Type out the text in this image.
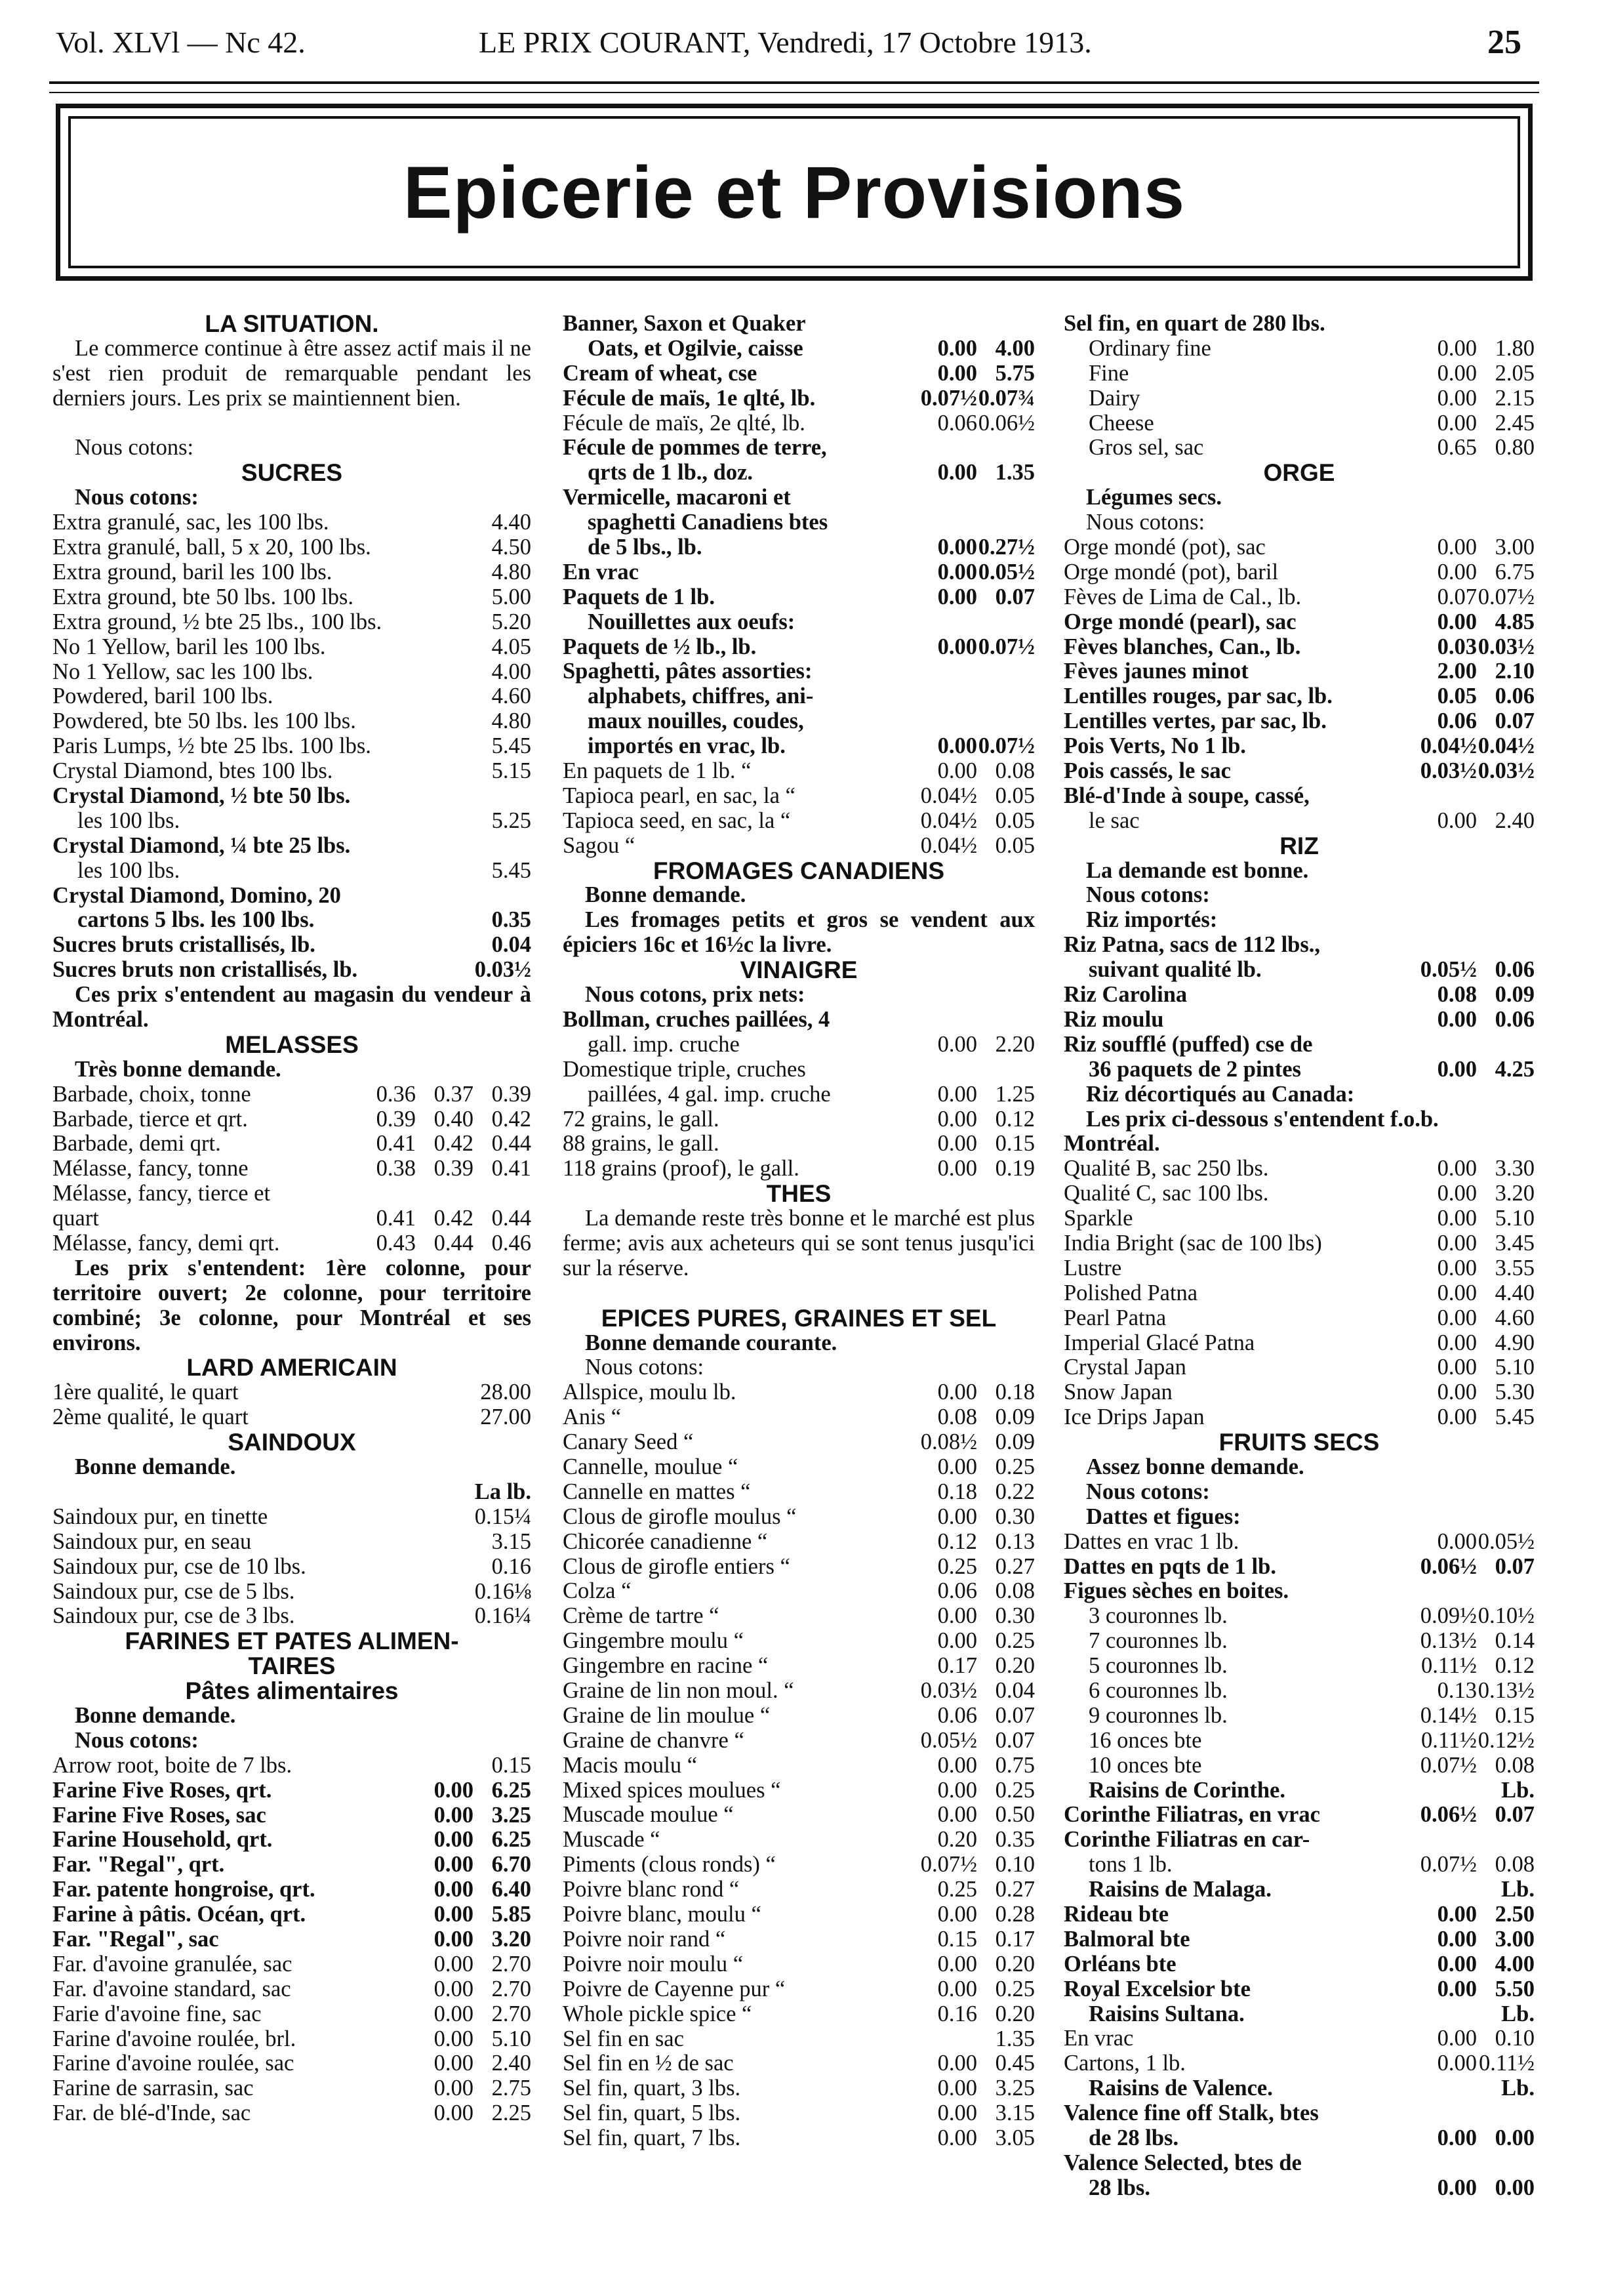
Vol. XLVl — Nc 42.	LE PRIX COURANT, Vendredi, 17 Octobre 1913.	25
Epicerie et Provisions
LA SITUATION.
Le commerce continue à être assez actif mais il ne s'est rien produit de remarquable pendant les derniers jours. Les prix se maintiennent bien.
Nous cotons:
SUCRES
Nous cotons:
Extra granulé, sac, les 100 lbs.	4.40
Extra granulé, ball, 5 x 20, 100 lbs.	4.50
Extra ground, baril les 100 lbs.	4.80
Extra ground, bte 50 lbs. 100 lbs.	5.00
Extra ground, ½ bte 25 lbs., 100 lbs.	5.20
No 1 Yellow, baril les 100 lbs.	4.05
No 1 Yellow, sac les 100 lbs.	4.00
Powdered, baril 100 lbs.	4.60
Powdered, bte 50 lbs. les 100 lbs.	4.80
Paris Lumps, ½ bte 25 lbs. 100 lbs.	5.45
Crystal Diamond, btes 100 lbs.	5.15
Crystal Diamond, ½ bte 50 lbs.
les 100 lbs.	5.25
Crystal Diamond, ¼ bte 25 lbs.
les 100 lbs.	5.45
Crystal Diamond, Domino, 20
cartons 5 lbs. les 100 lbs.	0.35
Sucres bruts cristallisés, lb.	0.04
Sucres bruts non cristallisés, lb.	0.03½
Ces prix s'entendent au magasin du vendeur à Montréal.
MELASSES
Très bonne demande.
Barbade, choix, tonne	0.36 0.37 0.39
Barbade, tierce et qrt.	0.39 0.40 0.42
Barbade, demi qrt.	0.41 0.42 0.44
Mélasse, fancy, tonne	0.38 0.39 0.41
Mélasse, fancy, tierce et
quart	0.41 0.42 0.44
Mélasse, fancy, demi qrt.	0.43 0.44 0.46
Les prix s'entendent: 1ère colonne, pour territoire ouvert; 2e colonne, pour territoire combiné; 3e colonne, pour Montréal et ses environs.
LARD AMERICAIN
1ère qualité, le quart	28.00
2ème qualité, le quart	27.00
SAINDOUX
Bonne demande.
La lb.
Saindoux pur, en tinette	0.15¼
Saindoux pur, en seau	3.15
Saindoux pur, cse de 10 lbs.	0.16
Saindoux pur, cse de 5 lbs.	0.16⅛
Saindoux pur, cse de 3 lbs.	0.16¼
FARINES ET PATES ALIMEN-
TAIRES
Pâtes alimentaires
Bonne demande.
Nous cotons:
Arrow root, boite de 7 lbs.	0.15
Farine Five Roses, qrt.	0.00 6.25
Farine Five Roses, sac	0.00 3.25
Farine Household, qrt.	0.00 6.25
Far. "Regal", qrt.	0.00 6.70
Far. patente hongroise, qrt.	0.00 6.40
Farine à pâtis. Océan, qrt.	0.00 5.85
Far. "Regal", sac	0.00 3.20
Far. d'avoine granulée, sac	0.00 2.70
Far. d'avoine standard, sac	0.00 2.70
Farie d'avoine fine, sac	0.00 2.70
Farine d'avoine roulée, brl.	0.00 5.10
Farine d'avoine roulée, sac	0.00 2.40
Farine de sarrasin, sac	0.00 2.75
Far. de blé-d'Inde, sac	0.00 2.25
Banner, Saxon et Quaker
Oats, et Ogilvie, caisse	0.00 4.00
Cream of wheat, cse	0.00 5.75
Fécule de maïs, 1e qlté, lb.	0.07½ 0.07¾
Fécule de maïs, 2e qlté, lb.	0.06 0.06½
Fécule de pommes de terre,
qrts de 1 lb., doz.	0.00 1.35
Vermicelle, macaroni et
spaghetti Canadiens btes
de 5 lbs., lb.	0.00 0.27½
En vrac	0.00 0.05½
Paquets de 1 lb.	0.00 0.07
Nouillettes aux oeufs:
Paquets de ½ lb., lb.	0.00 0.07½
Spaghetti, pâtes assorties:
alphabets, chiffres, ani-
maux nouilles, coudes,
importés en vrac, lb.	0.00 0.07½
En paquets de 1 lb. “	0.00 0.08
Tapioca pearl, en sac, la “	0.04½ 0.05
Tapioca seed, en sac, la “	0.04½ 0.05
Sagou “	0.04½ 0.05
FROMAGES CANADIENS
Bonne demande.
Les fromages petits et gros se vendent aux épiciers 16c et 16½c la livre.
VINAIGRE
Nous cotons, prix nets:
Bollman, cruches paillées, 4
gall. imp. cruche	0.00 2.20
Domestique triple, cruches
paillées, 4 gal. imp. cruche	0.00 1.25
72 grains, le gall.	0.00 0.12
88 grains, le gall.	0.00 0.15
118 grains (proof), le gall.	0.00 0.19
THES
La demande reste très bonne et le marché est plus ferme; avis aux acheteurs qui se sont tenus jusqu'ici sur la réserve.
EPICES PURES, GRAINES ET SEL
Bonne demande courante.
Nous cotons:
Allspice, moulu lb.	0.00 0.18
Anis “	0.08 0.09
Canary Seed “	0.08½ 0.09
Cannelle, moulue “	0.00 0.25
Cannelle en mattes “	0.18 0.22
Clous de girofle moulus “	0.00 0.30
Chicorée canadienne “	0.12 0.13
Clous de girofle entiers “	0.25 0.27
Colza “	0.06 0.08
Crème de tartre “	0.00 0.30
Gingembre moulu “	0.00 0.25
Gingembre en racine “	0.17 0.20
Graine de lin non moul. “	0.03½ 0.04
Graine de lin moulue “	0.06 0.07
Graine de chanvre “	0.05½ 0.07
Macis moulu “	0.00 0.75
Mixed spices moulues “	0.00 0.25
Muscade moulue “	0.00 0.50
Muscade “	0.20 0.35
Piments (clous ronds) “	0.07½ 0.10
Poivre blanc rond “	0.25 0.27
Poivre blanc, moulu “	0.00 0.28
Poivre noir rand “	0.15 0.17
Poivre noir moulu “	0.00 0.20
Poivre de Cayenne pur “	0.00 0.25
Whole pickle spice “	0.16 0.20
Sel fin en sac	1.35
Sel fin en ½ de sac	0.00 0.45
Sel fin, quart, 3 lbs.	0.00 3.25
Sel fin, quart, 5 lbs.	0.00 3.15
Sel fin, quart, 7 lbs.	0.00 3.05
Sel fin, en quart de 280 lbs.
Ordinary fine	0.00 1.80
Fine	0.00 2.05
Dairy	0.00 2.15
Cheese	0.00 2.45
Gros sel, sac	0.65 0.80
ORGE
Légumes secs.
Nous cotons:
Orge mondé (pot), sac	0.00 3.00
Orge mondé (pot), baril	0.00 6.75
Fèves de Lima de Cal., lb.	0.07 0.07½
Orge mondé (pearl), sac	0.00 4.85
Fèves blanches, Can., lb.	0.03 0.03½
Fèves jaunes minot	2.00 2.10
Lentilles rouges, par sac, lb.	0.05 0.06
Lentilles vertes, par sac, lb.	0.06 0.07
Pois Verts, No 1 lb.	0.04½ 0.04½
Pois cassés, le sac	0.03½ 0.03½
Blé-d'Inde à soupe, cassé,
le sac	0.00 2.40
RIZ
La demande est bonne.
Nous cotons:
Riz importés:
Riz Patna, sacs de 112 lbs.,
suivant qualité lb.	0.05½ 0.06
Riz Carolina	0.08 0.09
Riz moulu	0.00 0.06
Riz soufflé (puffed) cse de
36 paquets de 2 pintes	0.00 4.25
Riz décortiqués au Canada:
Les prix ci-dessous s'entendent f.o.b.
Montréal.
Qualité B, sac 250 lbs.	0.00 3.30
Qualité C, sac 100 lbs.	0.00 3.20
Sparkle	0.00 5.10
India Bright (sac de 100 lbs)	0.00 3.45
Lustre	0.00 3.55
Polished Patna	0.00 4.40
Pearl Patna	0.00 4.60
Imperial Glacé Patna	0.00 4.90
Crystal Japan	0.00 5.10
Snow Japan	0.00 5.30
Ice Drips Japan	0.00 5.45
FRUITS SECS
Assez bonne demande.
Nous cotons:
Dattes et figues:
Dattes en vrac 1 lb.	0.00 0.05½
Dattes en pqts de 1 lb.	0.06½ 0.07
Figues sèches en boites.
3 couronnes lb.	0.09½ 0.10½
7 couronnes lb.	0.13½ 0.14
5 couronnes lb.	0.11½ 0.12
6 couronnes lb.	0.13 0.13½
9 couronnes lb.	0.14½ 0.15
16 onces bte	0.11½ 0.12½
10 onces bte	0.07½ 0.08
Raisins de Corinthe.	Lb.
Corinthe Filiatras, en vrac	0.06½ 0.07
Corinthe Filiatras en car-
tons 1 lb.	0.07½ 0.08
Raisins de Malaga.	Lb.
Rideau bte	0.00 2.50
Balmoral bte	0.00 3.00
Orléans bte	0.00 4.00
Royal Excelsior bte	0.00 5.50
Raisins Sultana.	Lb.
En vrac	0.00 0.10
Cartons, 1 lb.	0.00 0.11½
Raisins de Valence.	Lb.
Valence fine off Stalk, btes
de 28 lbs.	0.00 0.00
Valence Selected, btes de
28 lbs.	0.00 0.00
